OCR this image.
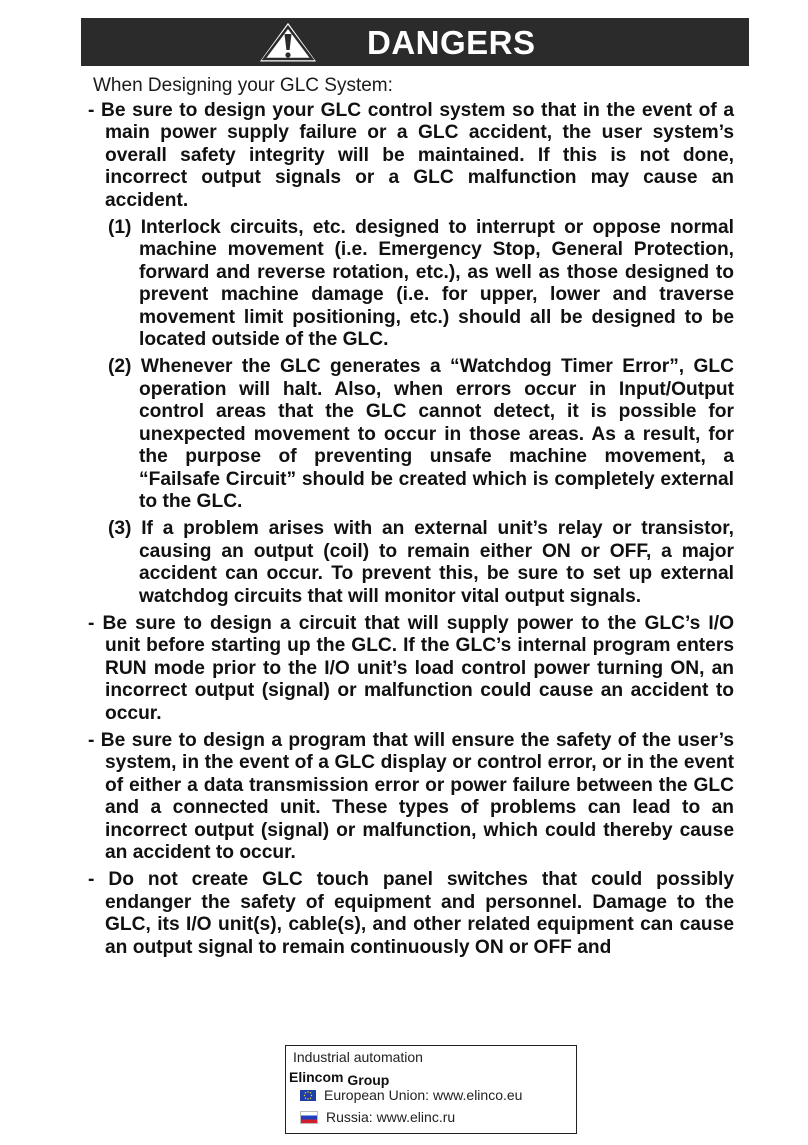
DANGERS
When Designing your GLC System:

- Be sure to design your GLC control system so that in the event of a main power supply failure or a GLC accident, the user system’s overall safety integrity will be maintained. If this is not done, incorrect output signals or a GLC malfunction may cause an accident.

(1) Interlock circuits, etc. designed to interrupt or oppose normal machine movement (i.e. Emergency Stop, General Protection, forward and reverse rotation, etc.), as well as those designed to prevent machine damage (i.e. for upper, lower and traverse movement limit positioning, etc.) should all be designed to be located outside of the GLC.

(2) Whenever the GLC generates a “Watchdog Timer Error”, GLC operation will halt. Also, when errors occur in Input/Output control areas that the GLC cannot detect, it is possible for unexpected movement to occur in those areas. As a result, for the purpose of preventing unsafe machine movement, a “Failsafe Circuit” should be created which is completely external to the GLC.

(3) If a problem arises with an external unit’s relay or transistor, causing an output (coil) to remain either ON or OFF, a major accident can occur. To prevent this, be sure to set up external watchdog circuits that will monitor vital output signals.

- Be sure to design a circuit that will supply power to the GLC’s I/O unit before starting up the GLC. If the GLC’s internal program enters RUN mode prior to the I/O unit’s load control power turning ON, an incorrect output (signal) or malfunction could cause an accident to occur.

- Be sure to design a program that will ensure the safety of the user’s system, in the event of a GLC display or control error, or in the event of either a data transmission error or power failure between the GLC and a connected unit. These types of problems can lead to an incorrect output (signal) or malfunction, which could thereby cause an accident to occur.

- Do not create GLC touch panel switches that could possibly endanger the safety of equipment and personnel. Damage to the GLC, its I/O unit(s), cable(s), and other related equipment can cause an output signal to remain continuously ON or OFF and

Industrial automation
Elincom Group
European Union: www.elinco.eu
Russia: www.elinc.ru
